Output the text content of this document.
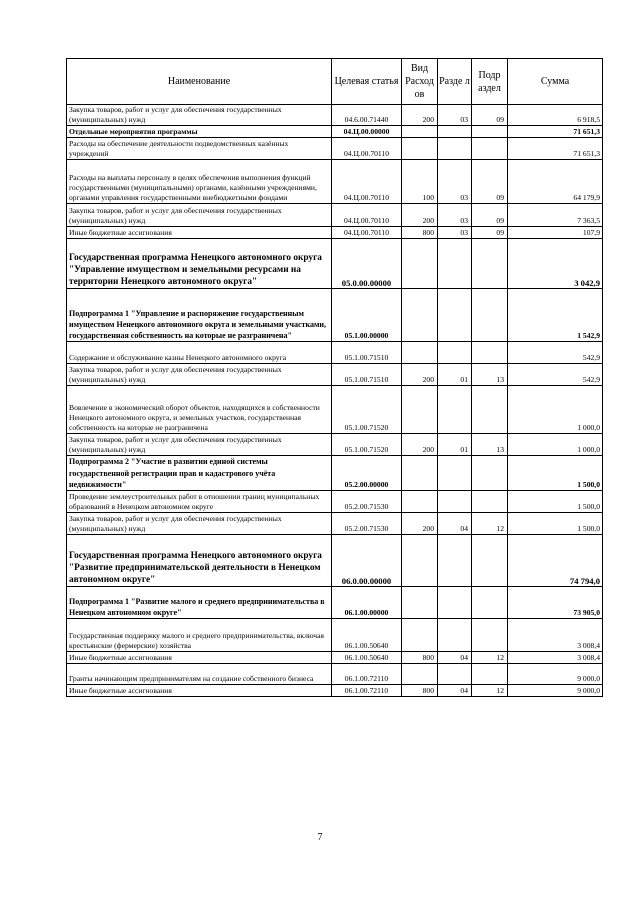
Наименование	Целевая статья	Вид Расход ов	Разде л	Подр аздел	Сумма
Закупка товаров, работ и услуг для обеспечения государственных (муниципальных) нужд	04.6.00.71440	200	03	09	6 918,5
Отдельные мероприятия программы	04.Ц.00.00000				71 651,3
Расходы на обеспечение деятельности подведомственных казённых учреждений	04.Ц.00.70110				71 651,3
Расходы на выплаты персоналу в целях обеспечения выполнения функций государственными (муниципальными) органами, казёнными учреждениями, органами управления государственными внебюджетными фондами	04.Ц.00.70110	100	03	09	64 179,9
Закупка товаров, работ и услуг для обеспечения государственных (муниципальных) нужд	04.Ц.00.70110	200	03	09	7 363,5
Иные бюджетные ассигнования	04.Ц.00.70110	800	03	09	107,9
Государственная программа Ненецкого автономного округа "Управление имуществом и земельными ресурсами на территории Ненецкого автономного округа"	05.0.00.00000				3 042,9
Подпрограмма 1 "Управление и распоряжение государственным имуществом Ненецкого автономного округа и земельными участками, государственная собственность на которые не разграничена"	05.1.00.00000				1 542,9
Содержание и обслуживание казны Ненецкого автономного округа	05.1.00.71510				542,9
Закупка товаров, работ и услуг для обеспечения государственных (муниципальных) нужд	05.1.00.71510	200	01	13	542,9
Вовлечение в экономический оборот объектов, находящихся в собственности Ненецкого автономного округа, и земельных участков, государственная собственность на которые не разграничена	05.1.00.71520				1 000,0
Закупка товаров, работ и услуг для обеспечения государственных (муниципальных) нужд	05.1.00.71520	200	01	13	1 000,0
Подпрограмма 2 "Участие в развитии единой системы государственной регистрации прав и кадастрового учёта недвижимости"	05.2.00.00000				1 500,0
Проведение землеустроительных работ в отношении границ муниципальных образований в Ненецком автономном округе	05.2.00.71530				1 500,0
Закупка товаров, работ и услуг для обеспечения государственных (муниципальных) нужд	05.2.00.71530	200	04	12	1 500,0
Государственная программа Ненецкого автономного округа "Развитие предпринимательской деятельности в Ненецком автономном округе"	06.0.00.00000				74 794,0
Подпрограмма 1 "Развитие малого и среднего предпринимательства в Ненецком автономном округе"	06.1.00.00000				73 905,0
Государственная поддержку малого и среднего предпринимательства, включая крестьянские (фермерские) хозяйства	06.1.00.50640				3 008,4
Иные бюджетные ассигнования	06.1.00.50640	800	04	12	3 008,4
Гранты начинающим предпринимателям на создание собственного бизнеса	06.1.00.72110				9 000,0
Иные бюджетные ассигнования	06.1.00.72110	800	04	12	9 000,0
7
